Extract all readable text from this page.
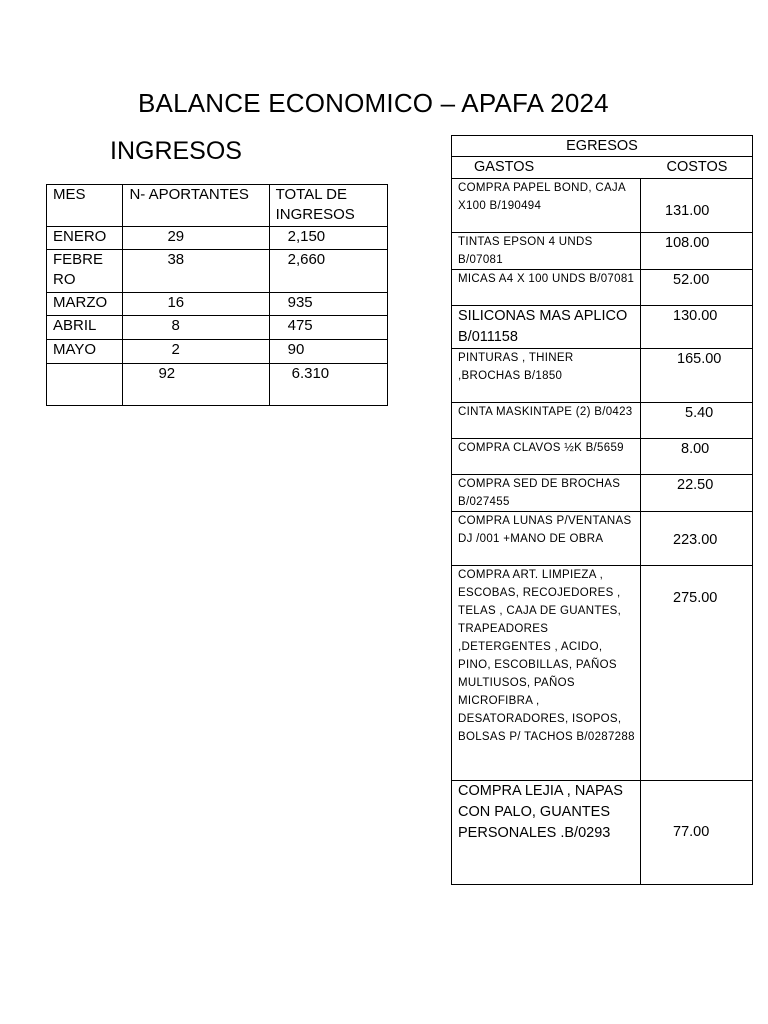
BALANCE ECONOMICO – APAFA 2024
INGRESOS
MES	N- APORTANTES	TOTAL DE INGRESOS
ENERO	29	2,150

FEBRERO	38	2,660
MARZO	16	935
ABRIL	8	475
MAYO	2	90
	92	6.310
EGRESOS	
GASTOS	COSTOS
COMPRA PAPEL BOND, CAJA X100 B/190494	131.00
TINTAS EPSON 4 UNDS B/07081	108.00
MICAS A4 X 100 UNDS B/07081	52.00
SILICONAS MAS APLICO B/011158	130.00
PINTURAS , THINER ,BROCHAS B/1850	165.00
CINTA MASKINTAPE (2) B/0423	5.40
COMPRA CLAVOS ½K B/5659	8.00
COMPRA SED DE BROCHAS B/027455	22.50
COMPRA LUNAS P/VENTANAS DJ /001 +MANO DE OBRA	223.00
COMPRA ART. LIMPIEZA , ESCOBAS, RECOJEDORES , TELAS , CAJA DE GUANTES, TRAPEADORES ,DETERGENTES , ACIDO, PINO, ESCOBILLAS, PAÑOS MULTIUSOS, PAÑOS MICROFIBRA , DESATORADORES, ISOPOS, BOLSAS P/ TACHOS B/0287288	275.00
COMPRA LEJIA , NAPAS CON PALO, GUANTES PERSONALES .B/0293	77.00
